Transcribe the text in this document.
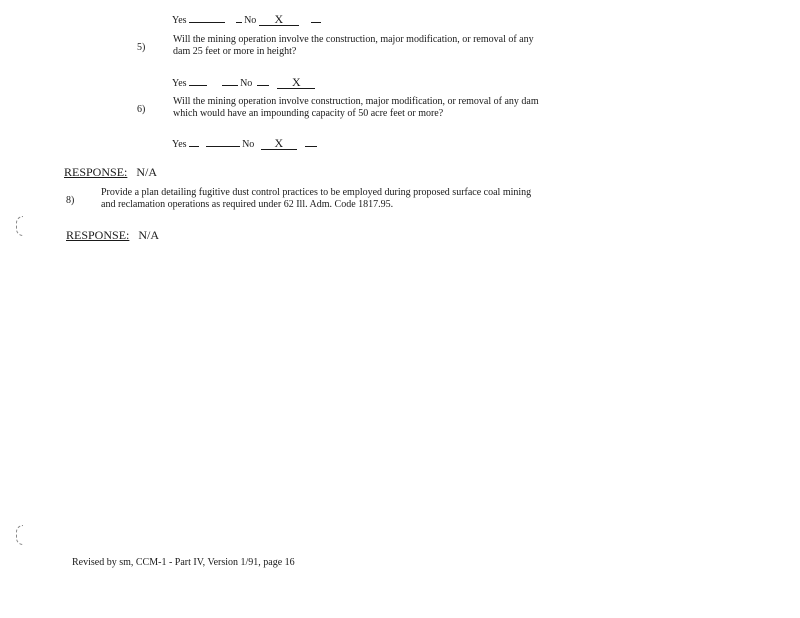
Yes	No X
5)
Will the mining operation involve the construction, major modification, or removal of any dam 25 feet or more in height?
Yes	No	X
6)
Will the mining operation involve construction, major modification, or removal of any dam which would have an impounding capacity of 50 acre feet or more?
Yes	No X
RESPONSE: N/A
8)
Provide a plan detailing fugitive dust control practices to be employed during proposed surface coal mining and reclamation operations as required under 62 Ill. Adm. Code 1817.95.
RESPONSE: N/A
Revised by sm, CCM-1 - Part IV, Version 1/91, page 16
